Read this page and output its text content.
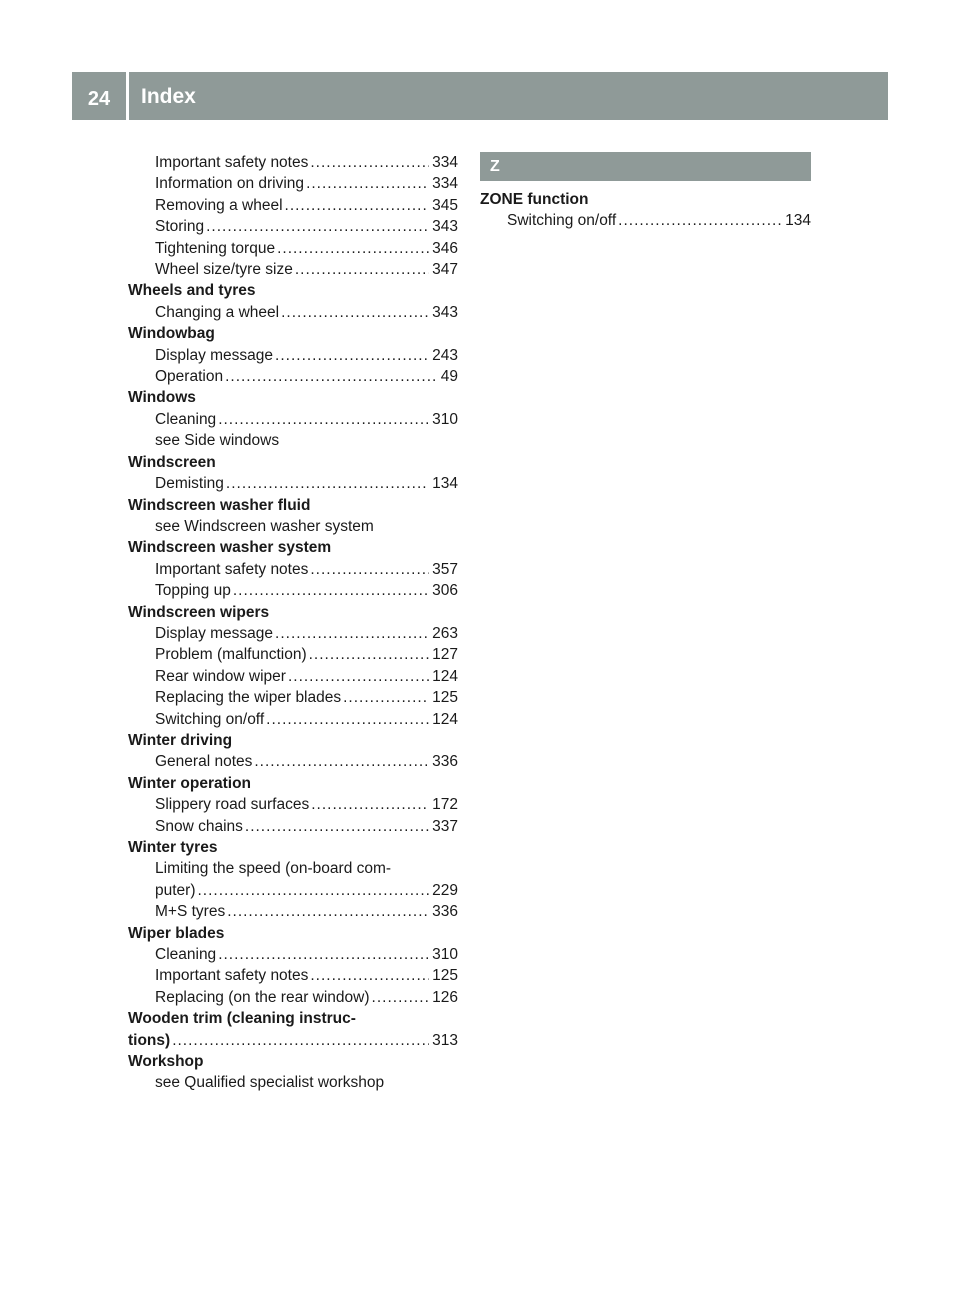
24	Index
Important safety notes .....	334
Information on driving .....	334
Removing a wheel .....	345
Storing .....	343
Tightening torque .....	346
Wheel size/tyre size .....	347
Wheels and tyres
Changing a wheel .....	343
Windowbag
Display message .....	243
Operation .....	49
Windows
Cleaning .....	310
see Side windows
Windscreen
Demisting .....	134
Windscreen washer fluid
see Windscreen washer system
Windscreen washer system
Important safety notes .....	357
Topping up .....	306
Windscreen wipers
Display message .....	263
Problem (malfunction) .....	127
Rear window wiper .....	124
Replacing the wiper blades .....	125
Switching on/off .....	124
Winter driving
General notes .....	336
Winter operation
Slippery road surfaces .....	172
Snow chains .....	337
Winter tyres
Limiting the speed (on-board com-
puter) .....	229
M+S tyres .....	336
Wiper blades
Cleaning .....	310
Important safety notes .....	125
Replacing (on the rear window) .....	126
Wooden trim (cleaning instruc-
tions) .....	313
Workshop
see Qualified specialist workshop
Z
ZONE function
Switching on/off .....	134
